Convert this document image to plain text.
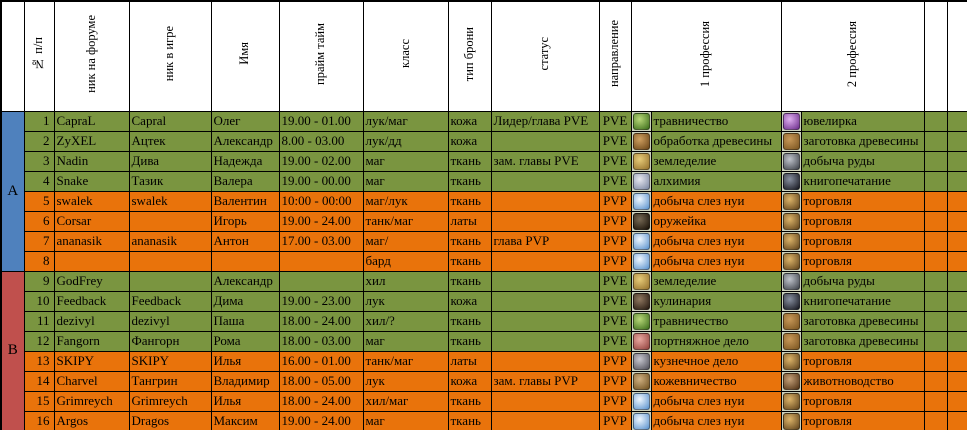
	№ п/п	ник на форуме	ник в игре	Имя	прайм тайм	класс	тип брони	статус	направление	1 профессия		2 профессия			
A	1	CapraL	Capral	Олег	19.00 - 01.00	лук/маг	кожа	Лидер/глава PVE	PVE		травничество		ювелирка		
	2	ZyXEL	Ацтек	Александр	8.00 - 03.00	лук/дд	кожа		PVE		обработка древесины		заготовка древесины		
	3	Nadin	Дива	Надежда	19.00 - 02.00	маг	ткань	зам. главы PVE	PVE		земледелие		добыча руды		
	4	Snake	Тазик	Валера	19.00 - 00.00	маг	ткань		PVE		алхимия		книгопечатание		
	5	swalek	swalek	Валентин	10:00 - 00:00	маг/лук	ткань		PVP		добыча слез нуи		торговля		
	6	Corsar		Игорь	19.00 - 24.00	танк/маг	латы		PVP		оружейка		торговля		
	7	ananasik	ananasik	Антон	17.00 - 03.00	маг/	ткань	глава PVP	PVP		добыча слез нуи		торговля		
	8					бард	ткань		PVP		добыча слез нуи		торговля		
B	9	GodFrey		Александр		хил	ткань		PVE		земледелие		добыча руды		
	10	Feedback	Feedback	Дима	19.00 - 23.00	лук	кожа		PVE		кулинария		книгопечатание		
	11	dezivyl	dezivyl	Паша	18.00 - 24.00	хил/?	ткань		PVE		травничество		заготовка древесины		
	12	Fangorn	Фангорн	Рома	18.00 - 03.00	маг	ткань		PVE		портняжное дело		заготовка древесины		
	13	SKIPY	SKIPY	Илья	16.00 - 01.00	танк/маг	латы		PVP		кузнечное дело		торговля		
	14	Charvel	Тангрин	Владимир	18.00 - 05.00	лук	кожа	зам. главы PVP	PVP		кожевничество		животноводство		
	15	Grimreych	Grimreych	Илья	18.00 - 24.00	хил/маг	ткань		PVP		добыча слез нуи		торговля		
	16	Argos	Dragos	Максим	19.00 - 24.00	маг	ткань		PVP		добыча слез нуи		торговля		
